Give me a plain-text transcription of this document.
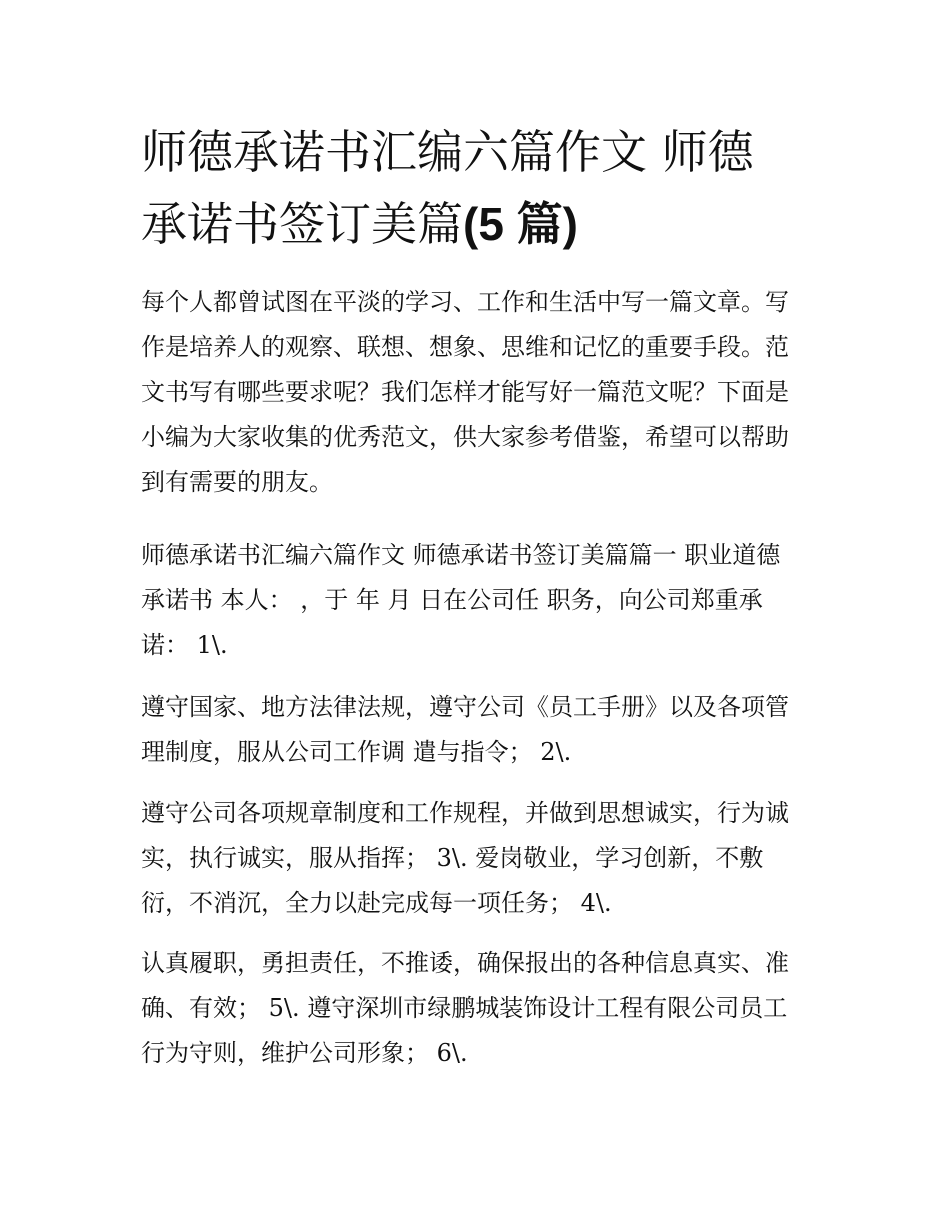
师德承诺书汇编六篇作文 师德
承诺书签订美篇(5 篇)

每个人都曾试图在平淡的学习、工作和生活中写一篇文章。写
作是培养人的观察、联想、想象、思维和记忆的重要手段。范
文书写有哪些要求呢？我们怎样才能写好一篇范文呢？下面是
小编为大家收集的优秀范文，供大家参考借鉴，希望可以帮助
到有需要的朋友。

师德承诺书汇编六篇作文 师德承诺书签订美篇篇一 职业道德
承诺书 本人： ，于 年 月 日在公司任 职务，向公司郑重承
诺： 1\.

遵守国家、地方法律法规，遵守公司《员工手册》以及各项管
理制度，服从公司工作调 遣与指令； 2\.

遵守公司各项规章制度和工作规程，并做到思想诚实，行为诚
实，执行诚实，服从指挥； 3\. 爱岗敬业，学习创新，不敷
衍，不消沉，全力以赴完成每一项任务； 4\.

认真履职，勇担责任，不推诿，确保报出的各种信息真实、准
确、有效； 5\. 遵守深圳市绿鹏城装饰设计工程有限公司员工
行为守则，维护公司形象； 6\.
